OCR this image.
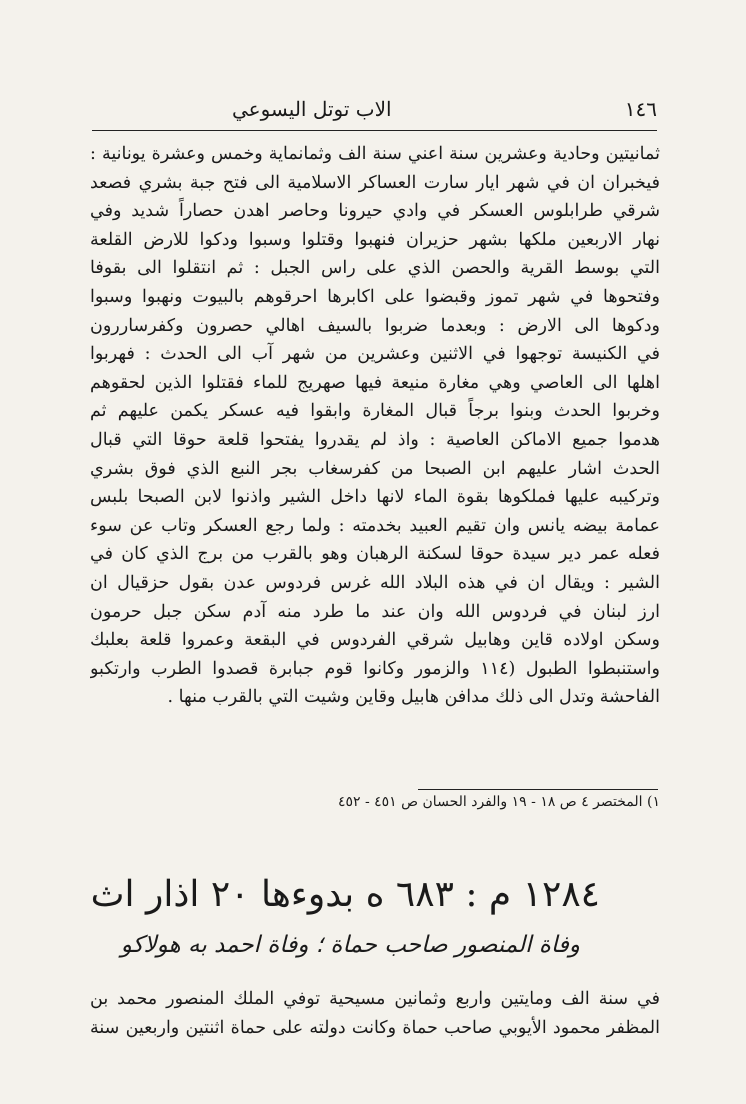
١٤٦
الاب توتل اليسوعي
ثمانيتين وحادية وعشرين سنة اعني سنة الف وثمانماية وخمس وعشرة يونانية :
فيخبران ان في شهر ايار سارت العساكر الاسلامية الى فتح جبة بشري فصعد
شرقي طرابلوس العسكر في وادي حيرونا وحاصر اهدن حصاراً شديد وفي
نهار الاربعين ملكها بشهر حزيران فنهبوا وقتلوا وسبوا ودكوا للارض القلعة
التي بوسط القرية والحصن الذي على راس الجبل : ثم انتقلوا الى بقوفا
وفتحوها في شهر تموز وقبضوا على اكابرها احرقوهم بالبيوت ونهبوا وسبوا
ودكوها الى الارض : وبعدما ضربوا بالسيف اهالي حصرون وكفرساررون
في الكنيسة توجهوا في الاثنين وعشرين من شهر آب الى الحدث : فهربوا
اهلها الى العاصي وهي مغارة منيعة فيها صهريج للماء فقتلوا الذين لحقوهم
وخربوا الحدث وبنوا برجاً قبال المغارة وابقوا فيه عسكر يكمن عليهم ثم
هدموا جميع الاماكن العاصية : واذ لم يقدروا يفتحوا قلعة حوقا التي قبال
الحدث اشار عليهم ابن الصبحا من كفرسغاب بجر النبع الذي فوق بشري
وتركيبه عليها فملكوها بقوة الماء لانها داخل الشير واذنوا لابن الصبحا بلبس
عمامة بيضه يانس وان تقيم العبيد بخدمته : ولما رجع العسكر وتاب عن سوء
فعله عمر دير سيدة حوقا لسكنة الرهبان وهو بالقرب من برج الذي كان في
الشير : ويقال ان في هذه البلاد الله غرس فردوس عدن بقول حزقيال ان
ارز لبنان في فردوس الله وان عند ما طرد منه آدم سكن جبل حرمون
وسكن اولاده قاين وهابيل شرقي الفردوس في البقعة وعمروا قلعة بعلبك
واستنبطوا الطبول (١١٤ والزمور وكانوا قوم جبابرة قصدوا الطرب وارتكبو
الفاحشة وتدل الى ذلك مدافن هابيل وقاين وشيت التي بالقرب منها .
١) المختصر ٤ ص ١٨ - ١٩ والفرد الحسان ص ٤٥١ - ٤٥٢
١٢٨٤ م : ٦٨٣ ه بدوءها ٢٠ اذار اث
وفاة المنصور صاحب حماة ؛ وفاة احمد به هولاكو
في سنة الف ومايتين واربع وثمانين مسيحية توفي الملك المنصور محمد بن
المظفر محمود الأيوبي صاحب حماة وكانت دولته على حماة اثنتين واربعين سنة
